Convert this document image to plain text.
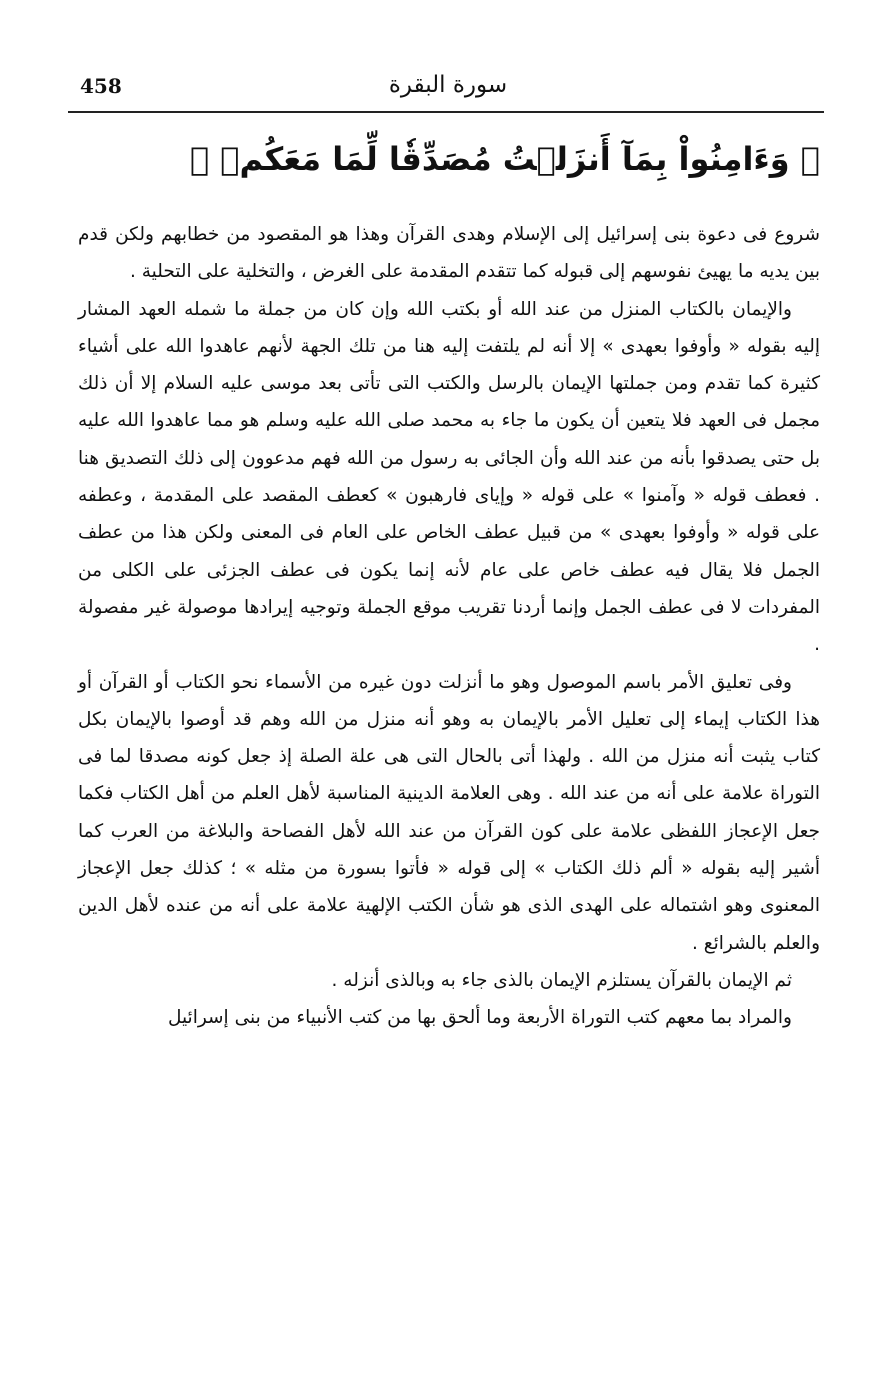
458	سورة البقرة
﴿ وَءَامِنُواْ بِمَآ أَنزَلۡتُ مُصَدِّقٗا لِّمَا مَعَكُمۡ ﴾

شروع فى دعوة بنى إسرائيل إلى الإسلام وهدى القرآن وهذا هو المقصود من خطابهم ولكن قدم بين يديه ما يهيئ نفوسهم إلى قبوله كما تتقدم المقدمة على الغرض ، والتخلية على التحلية .

والإيمان بالكتاب المنزل من عند الله أو بكتب الله وإن كان من جملة ما شمله العهد المشار إليه بقوله « وأوفوا بعهدى » إلا أنه لم يلتفت إليه هنا من تلك الجهة لأنهم عاهدوا الله على أشياء كثيرة كما تقدم ومن جملتها الإيمان بالرسل والكتب التى تأتى بعد موسى عليه السلام إلا أن ذلك مجمل فى العهد فلا يتعين أن يكون ما جاء به محمد صلى الله عليه وسلم هو مما عاهدوا الله عليه بل حتى يصدقوا بأنه من عند الله وأن الجائى به رسول من الله فهم مدعوون إلى ذلك التصديق هنا . فعطف قوله « وآمنوا » على قوله « وإياى فارهبون » كعطف المقصد على المقدمة ، وعطفه على قوله « وأوفوا بعهدى » من قبيل عطف الخاص على العام فى المعنى ولكن هذا من عطف الجمل فلا يقال فيه عطف خاص على عام لأنه إنما يكون فى عطف الجزئى على الكلى من المفردات لا فى عطف الجمل وإنما أردنا تقريب موقع الجملة وتوجيه إيرادها موصولة غير مفصولة .

وفى تعليق الأمر باسم الموصول وهو ما أنزلت دون غيره من الأسماء نحو الكتاب أو القرآن أو هذا الكتاب إيماء إلى تعليل الأمر بالإيمان به وهو أنه منزل من الله وهم قد أوصوا بالإيمان بكل كتاب يثبت أنه منزل من الله . ولهذا أتى بالحال التى هى علة الصلة إذ جعل كونه مصدقا لما فى التوراة علامة على أنه من عند الله . وهى العلامة الدينية المناسبة لأهل العلم من أهل الكتاب فكما جعل الإعجاز اللفظى علامة على كون القرآن من عند الله لأهل الفصاحة والبلاغة من العرب كما أشير إليه بقوله « ألم ذلك الكتاب » إلى قوله « فأتوا بسورة من مثله » ؛ كذلك جعل الإعجاز المعنوى وهو اشتماله على الهدى الذى هو شأن الكتب الإلهية علامة على أنه من عنده لأهل الدين والعلم بالشرائع .

ثم الإيمان بالقرآن يستلزم الإيمان بالذى جاء به وبالذى أنزله .

والمراد بما معهم كتب التوراة الأربعة وما ألحق بها من كتب الأنبياء من بنى إسرائيل
